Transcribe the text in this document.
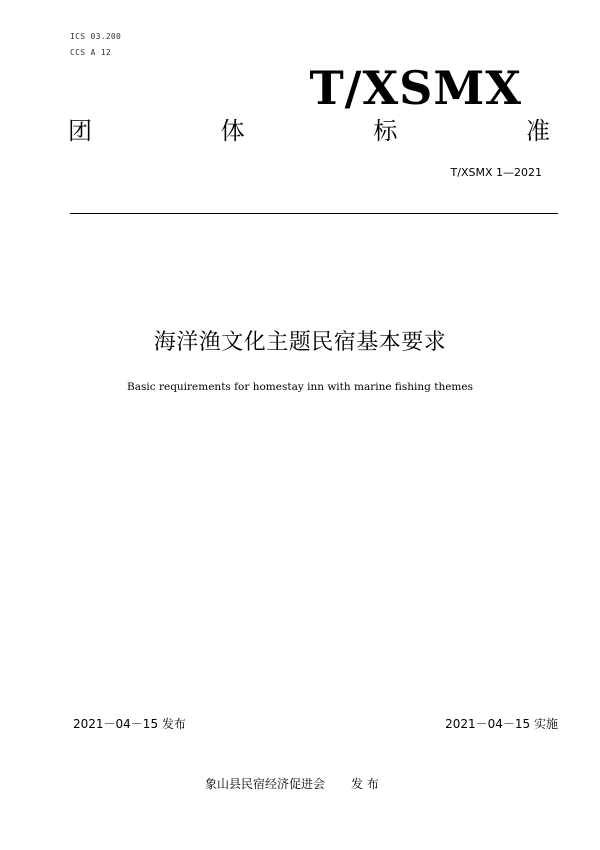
ICS 03.200
CCS A 12
T/XSMX
团	体	标	准
T/XSMX 1—2021
海洋渔文化主题民宿基本要求
Basic requirements for homestay inn with marine fishing themes
2021－04－15 发布	2021－04－15 实施
象山县民宿经济促进会 发 布
